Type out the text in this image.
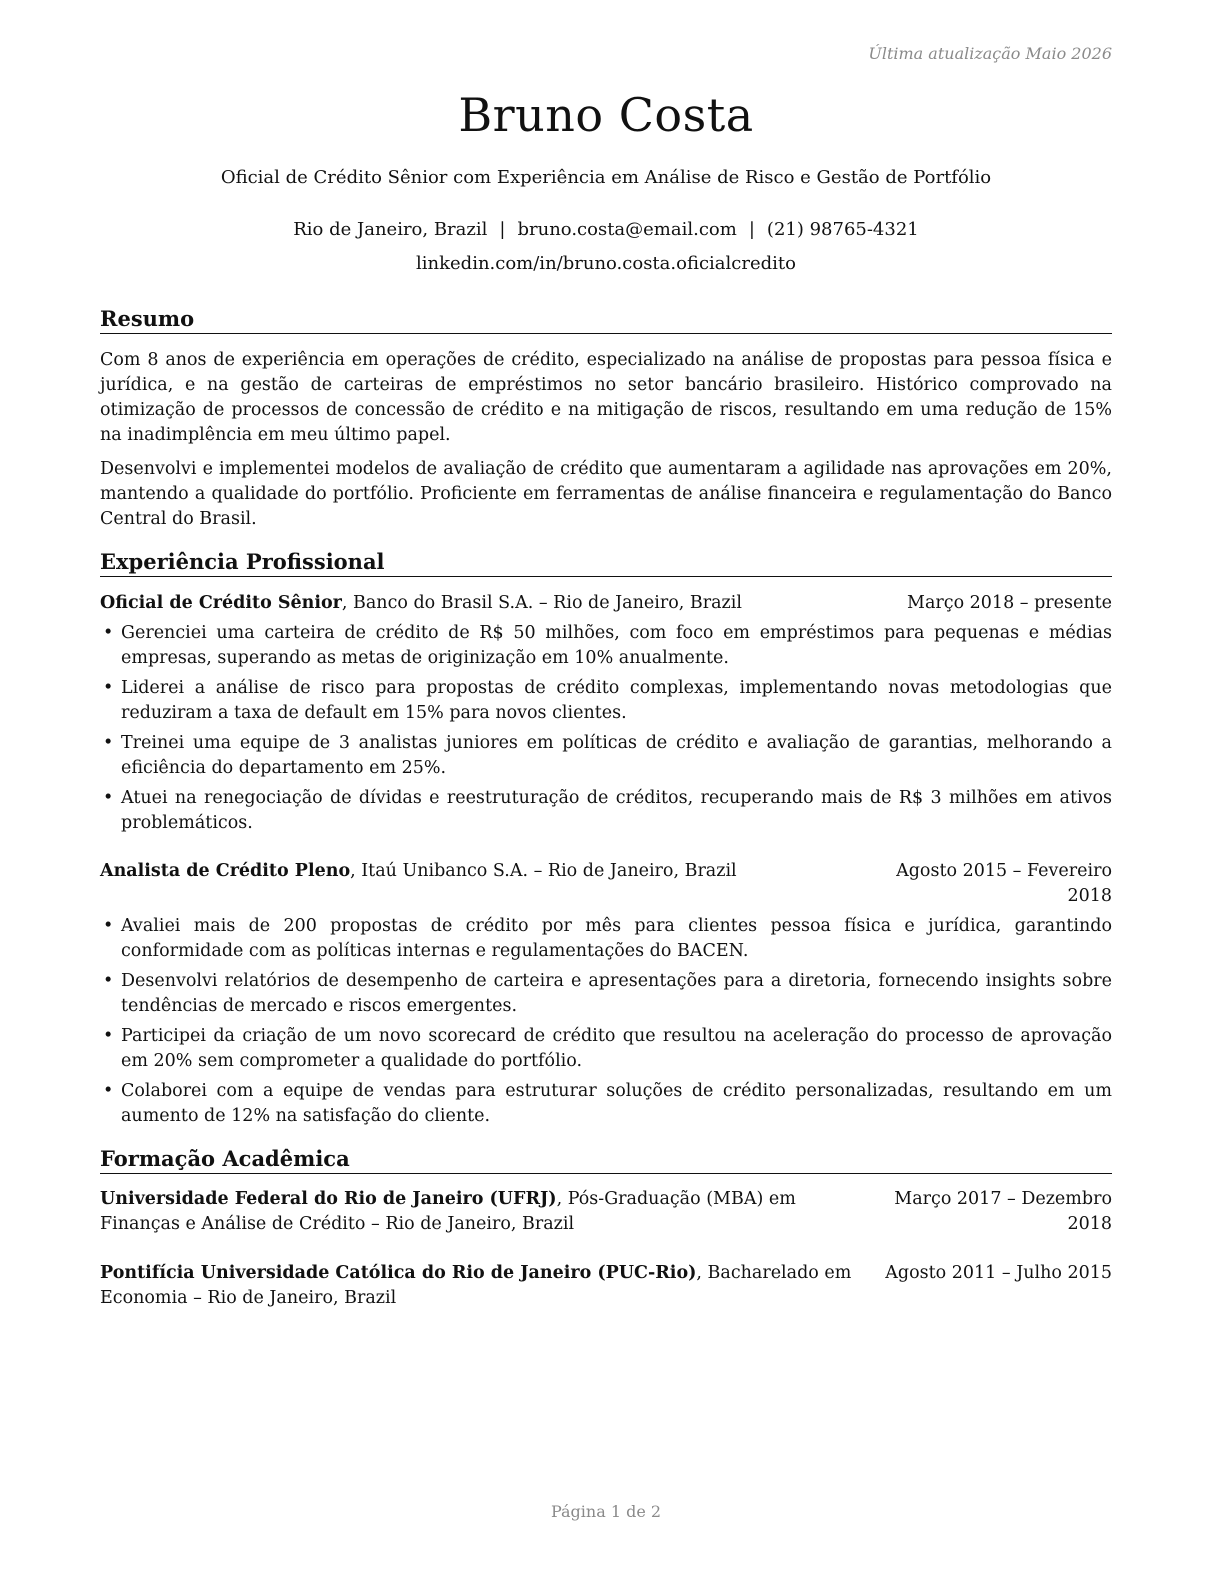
Última atualização Maio 2026
Bruno Costa
Oficial de Crédito Sênior com Experiência em Análise de Risco e Gestão de Portfólio
Rio de Janeiro, Brazil | bruno.costa@email.com | (21) 98765-4321
linkedin.com/in/bruno.costa.oficialcredito
Resumo
Com 8 anos de experiência em operações de crédito, especializado na análise de propostas para pessoa física e jurídica, e na gestão de carteiras de empréstimos no setor bancário brasileiro. Histórico comprovado na otimização de processos de concessão de crédito e na mitigação de riscos, resultando em uma redução de 15% na inadimplência em meu último papel.
Desenvolvi e implementei modelos de avaliação de crédito que aumentaram a agilidade nas aprovações em 20%, mantendo a qualidade do portfólio. Proficiente em ferramentas de análise financeira e regulamentação do Banco Central do Brasil.
Experiência Profissional
Oficial de Crédito Sênior, Banco do Brasil S.A. – Rio de Janeiro, Brazil	Março 2018 – presente
• Gerenciei uma carteira de crédito de R$ 50 milhões, com foco em empréstimos para pequenas e médias empresas, superando as metas de originização em 10% anualmente.
• Liderei a análise de risco para propostas de crédito complexas, implementando novas metodologias que reduziram a taxa de default em 15% para novos clientes.
• Treinei uma equipe de 3 analistas juniores em políticas de crédito e avaliação de garantias, melhorando a eficiência do departamento em 25%.
• Atuei na renegociação de dívidas e reestruturação de créditos, recuperando mais de R$ 3 milhões em ativos problemáticos.
Analista de Crédito Pleno, Itaú Unibanco S.A. – Rio de Janeiro, Brazil	Agosto 2015 – Fevereiro 2018
• Avaliei mais de 200 propostas de crédito por mês para clientes pessoa física e jurídica, garantindo conformidade com as políticas internas e regulamentações do BACEN.
• Desenvolvi relatórios de desempenho de carteira e apresentações para a diretoria, fornecendo insights sobre tendências de mercado e riscos emergentes.
• Participei da criação de um novo scorecard de crédito que resultou na aceleração do processo de aprovação em 20% sem comprometer a qualidade do portfólio.
• Colaborei com a equipe de vendas para estruturar soluções de crédito personalizadas, resultando em um aumento de 12% na satisfação do cliente.
Formação Acadêmica
Universidade Federal do Rio de Janeiro (UFRJ), Pós-Graduação (MBA) em Finanças e Análise de Crédito – Rio de Janeiro, Brazil
Março 2017 – Dezembro 2018
Pontifícia Universidade Católica do Rio de Janeiro (PUC-Rio), Bacharelado em Economia – Rio de Janeiro, Brazil
Agosto 2011 – Julho 2015
Página 1 de 2
